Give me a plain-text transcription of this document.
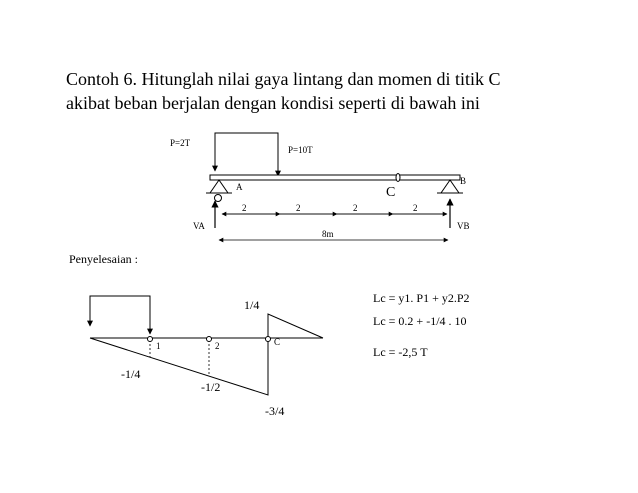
Contoh 6. Hitunglah nilai gaya lintang dan momen di titik C
akibat beban berjalan dengan kondisi seperti di bawah ini
P=2T
P=10T
C
A
B
VA	VB
2	2	2	2
8m
Penyelesaian :
1	2	C
1/4
-1/4
-1/2
-3/4
Lc = y1. P1 + y2.P2
Lc = 0.2 + -1/4 . 10
Lc = -2,5 T
